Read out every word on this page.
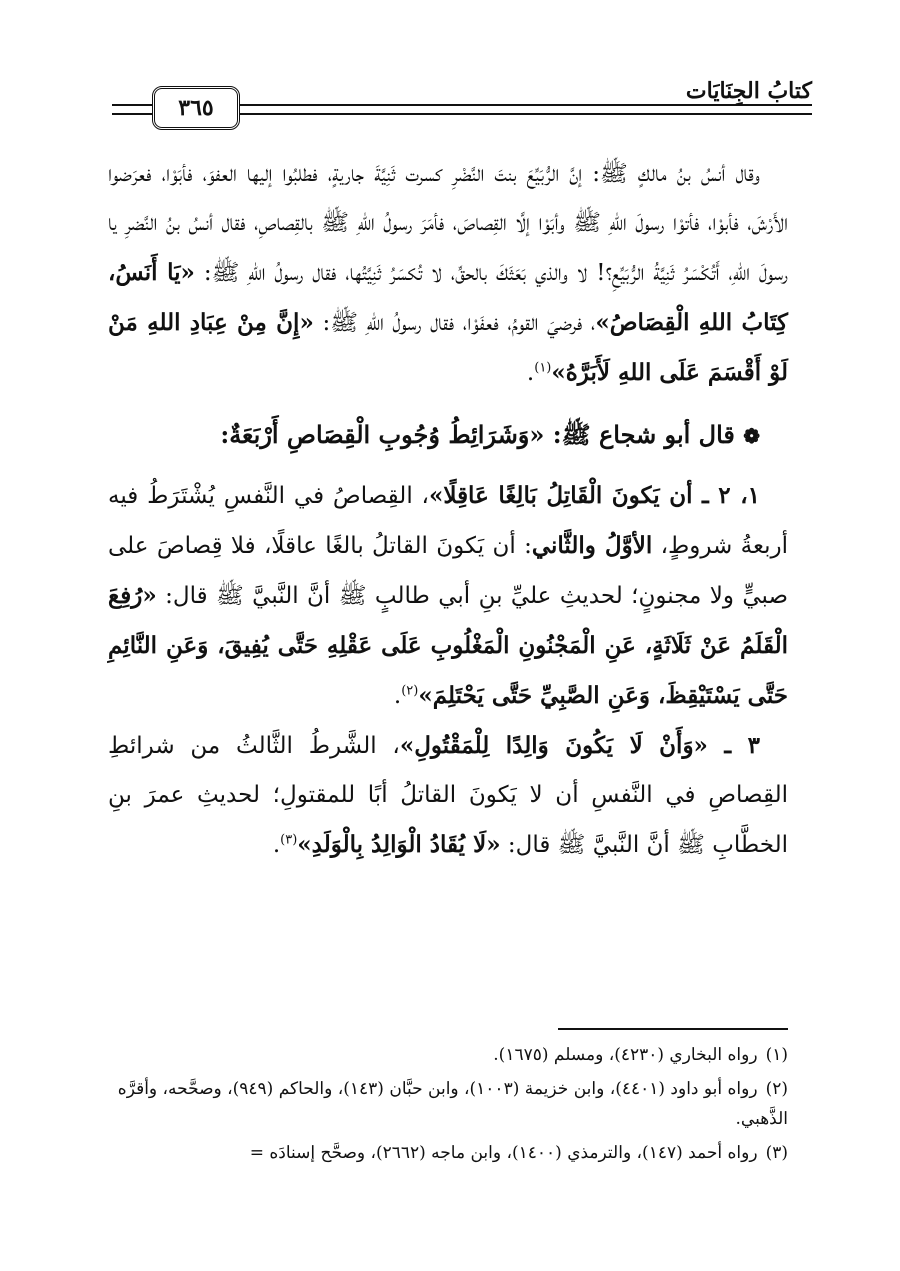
٣٦٥
كتابُ الجِنَايَات

وقال أنسُ بنُ مالكٍ ﷺ: إنَّ الرُّبَيِّعَ بنتَ النَّضْرِ كسرت ثَنِيَّةَ جاريةٍ، فطلبُوا إليها العفوَ، فأبَوْا، فعرَضوا الأَرْشَ، فأبوْا، فأتوْا رسولَ اللهِ ﷺ وأبَوْا إلَّا القِصاصَ، فأمَرَ رسولُ اللهِ ﷺ بالقِصاصِ، فقال أنسُ بنُ النَّضرِ يا رسولَ اللهِ، أَتُكْسَرُ ثَنِيَّةُ الرُّبَيِّعِ؟! لا والذي بَعَثَكَ بالحقِّ، لا تُكسَرُ ثَنِيَّتُها، فقال رسولُ اللهِ ﷺ: «يَا أَنَسُ، كِتَابُ اللهِ الْقِصَاصُ»، فرضيَ القومُ، فعفَوْا، فقال رسولُ اللهِ ﷺ: «إِنَّ مِنْ عِبَادِ اللهِ مَنْ لَوْ أَقْسَمَ عَلَى اللهِ لَأَبَرَّهُ»$^{(١)}$.

❁ قال أبو شجاع ﷺ: «وَشَرَائِطُ وُجُوبِ الْقِصَاصِ أَرْبَعَةٌ:

١، ٢ ـ أن يَكونَ الْقَاتِلُ بَالِغًا عَاقِلًا»، القِصاصُ في النَّفسِ يُشْتَرَطُ فيه أربعةُ شروطٍ، الأوَّلُ والثَّاني: أن يَكونَ القاتلُ بالغًا عاقلًا، فلا قِصاصَ على صبيٍّ ولا مجنونٍ؛ لحديثِ عليِّ بنِ أبي طالبٍ ﷺ أنَّ النَّبيَّ ﷺ قال: «رُفِعَ الْقَلَمُ عَنْ ثَلَاثَةٍ، عَنِ الْمَجْنُونِ الْمَغْلُوبِ عَلَى عَقْلِهِ حَتَّى يُفِيقَ، وَعَنِ النَّائِمِ حَتَّى يَسْتَيْقِظَ، وَعَنِ الصَّبِيِّ حَتَّى يَحْتَلِمَ»$^{(٢)}$.

٣ ـ «وَأَنْ لَا يَكُونَ وَالِدًا لِلْمَقْتُولِ»، الشَّرطُ الثَّالثُ من شرائطِ القِصاصِ في النَّفسِ أن لا يَكونَ القاتلُ أبًا للمقتولِ؛ لحديثِ عمرَ بنِ الخطَّابِ ﷺ أنَّ النَّبيَّ ﷺ قال: «لَا يُقَادُ الْوَالِدُ بِالْوَلَدِ»$^{(٣)}$.

(١)رواه البخاري (٤٢٣٠)، ومسلم (١٦٧٥).

(٢)رواه أبو داود (٤٤٠١)، وابن خزيمة (١٠٠٣)، وابن حبَّان (١٤٣)، والحاكم (٩٤٩)، وصحَّحه، وأقرَّه الذَّهبي.

(٣)رواه أحمد (١٤٧)، والترمذي (١٤٠٠)، وابن ماجه (٢٦٦٢)، وصحَّح إسنادَه =
